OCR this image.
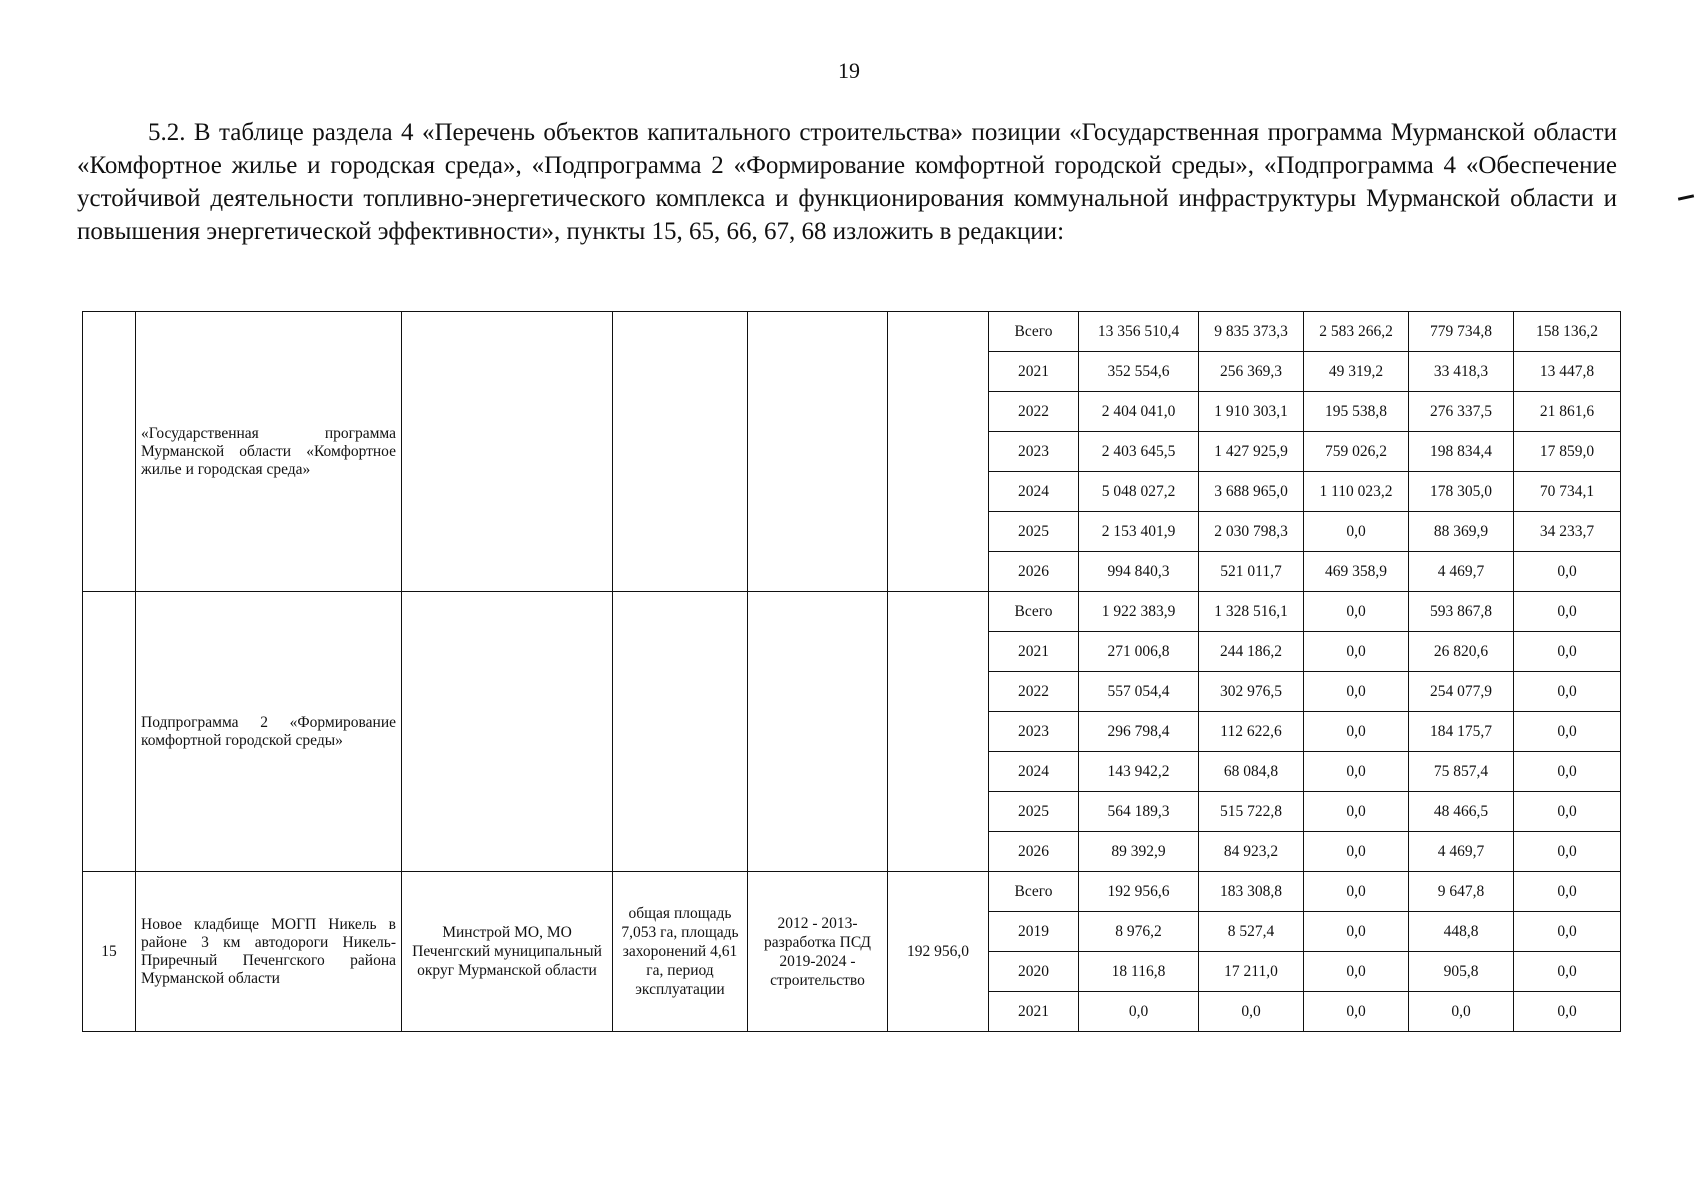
19
5.2. В таблице раздела 4 «Перечень объектов капитального строительства» позиции «Государственная программа Мурманской области «Комфортное жилье и городская среда», «Подпрограмма 2 «Формирование комфортной городской среды», «Подпрограмма 4 «Обеспечение устойчивой деятельности топливно-энергетического комплекса и функционирования коммунальной инфраструктуры Мурманской области и повышения энергетической эффективности», пункты 15, 65, 66, 67, 68 изложить в редакции:
	«Государственная программа Мурманской области «Комфортное жилье и городская среда»					Всего	13 356 510,4	9 835 373,3	2 583 266,2	779 734,8	158 136,2
						2021	352 554,6	256 369,3	49 319,2	33 418,3	13 447,8
						2022	2 404 041,0	1 910 303,1	195 538,8	276 337,5	21 861,6
						2023	2 403 645,5	1 427 925,9	759 026,2	198 834,4	17 859,0
						2024	5 048 027,2	3 688 965,0	1 110 023,2	178 305,0	70 734,1
						2025	2 153 401,9	2 030 798,3	0,0	88 369,9	34 233,7
						2026	994 840,3	521 011,7	469 358,9	4 469,7	0,0
	Подпрограмма 2 «Формирование комфортной городской среды»					Всего	1 922 383,9	1 328 516,1	0,0	593 867,8	0,0
						2021	271 006,8	244 186,2	0,0	26 820,6	0,0
						2022	557 054,4	302 976,5	0,0	254 077,9	0,0
						2023	296 798,4	112 622,6	0,0	184 175,7	0,0
						2024	143 942,2	68 084,8	0,0	75 857,4	0,0
						2025	564 189,3	515 722,8	0,0	48 466,5	0,0
						2026	89 392,9	84 923,2	0,0	4 469,7	0,0
15	Новое кладбище МОГП Никель в районе 3 км автодороги Никель-Приречный Печенгского района Мурманской области	Минстрой МО, МО Печенгский муниципальный округ Мурманской области	общая площадь 7,053 га, площадь захоронений 4,61 га, период эксплуатации	2012 - 2013- разработка ПСД 2019-2024 - строительство	192 956,0	Всего	192 956,6	183 308,8	0,0	9 647,8	0,0
						2019	8 976,2	8 527,4	0,0	448,8	0,0
						2020	18 116,8	17 211,0	0,0	905,8	0,0
						2021	0,0	0,0	0,0	0,0	0,0
